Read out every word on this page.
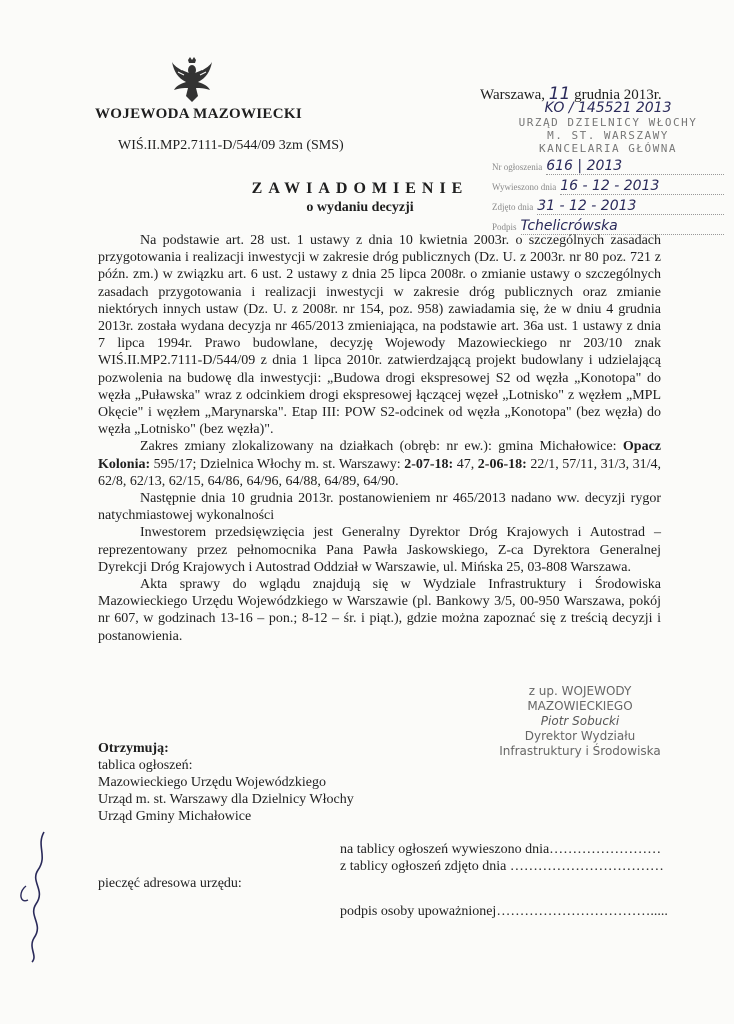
WOJEWODA MAZOWIECKI
WIŚ.II.MP2.7111-D/544/09 3zm (SMS)
Warszawa, 11 grudnia 2013r.
KO / 145521 2013
URZĄD DZIELNICY WŁOCHY
M. ST. WARSZAWY
KANCELARIA GŁÓWNA
Nr ogłoszenia 616 | 2013
Wywieszono dnia 16 - 12 - 2013
Zdjęto dnia 31 - 12 - 2013
Podpis Tchelicrówska
ZAWIADOMIENIE
o wydaniu decyzji

Na podstawie art. 28 ust. 1 ustawy z dnia 10 kwietnia 2003r. o szczególnych zasadach przygotowania i realizacji inwestycji w zakresie dróg publicznych (Dz. U. z 2003r. nr 80 poz. 721 z późn. zm.) w związku art. 6 ust. 2 ustawy z dnia 25 lipca 2008r. o zmianie ustawy o szczególnych zasadach przygotowania i realizacji inwestycji w zakresie dróg publicznych oraz zmianie niektórych innych ustaw (Dz. U. z 2008r. nr 154, poz. 958) zawiadamia się, że w dniu 4 grudnia 2013r. została wydana decyzja nr 465/2013 zmieniająca, na podstawie art. 36a ust. 1 ustawy z dnia 7 lipca 1994r. Prawo budowlane, decyzję Wojewody Mazowieckiego nr 203/10 znak WIŚ.II.MP2.7111-D/544/09 z dnia 1 lipca 2010r. zatwierdzającą projekt budowlany i udzielającą pozwolenia na budowę dla inwestycji: „Budowa drogi ekspresowej S2 od węzła „Konotopa" do węzła „Puławska" wraz z odcinkiem drogi ekspresowej łączącej węzeł „Lotnisko" z węzłem „MPL Okęcie" i węzłem „Marynarska". Etap III: POW S2-odcinek od węzła „Konotopa" (bez węzła) do węzła „Lotnisko" (bez węzła)".

Zakres zmiany zlokalizowany na działkach (obręb: nr ew.): gmina Michałowice: Opacz Kolonia: 595/17; Dzielnica Włochy m. st. Warszawy: 2-07-18: 47, 2-06-18: 22/1, 57/11, 31/3, 31/4, 62/8, 62/13, 62/15, 64/86, 64/96, 64/88, 64/89, 64/90.

Następnie dnia 10 grudnia 2013r. postanowieniem nr 465/2013 nadano ww. decyzji rygor natychmiastowej wykonalności

Inwestorem przedsięwzięcia jest Generalny Dyrektor Dróg Krajowych i Autostrad – reprezentowany przez pełnomocnika Pana Pawła Jaskowskiego, Z-ca Dyrektora Generalnej Dyrekcji Dróg Krajowych i Autostrad Oddział w Warszawie, ul. Mińska 25, 03-808 Warszawa.

Akta sprawy do wglądu znajdują się w Wydziale Infrastruktury i Środowiska Mazowieckiego Urzędu Wojewódzkiego w Warszawie (pl. Bankowy 3/5, 00-950 Warszawa, pokój nr 607, w godzinach 13-16 – pon.; 8-12 – śr. i piąt.), gdzie można zapoznać się z treścią decyzji i postanowienia.

z up. WOJEWODY MAZOWIECKIEGO
Piotr Sobucki
Dyrektor Wydziału
Infrastruktury i Środowiska
Otrzymują:
tablica ogłoszeń:
Mazowieckiego Urzędu Wojewódzkiego
Urząd m. st. Warszawy dla Dzielnicy Włochy
Urząd Gminy Michałowice
na tablicy ogłoszeń wywieszono dnia……………………
z tablicy ogłoszeń zdjęto dnia ……………………………
pieczęć adresowa urzędu:
podpis osoby upoważnionej…………………………….....
